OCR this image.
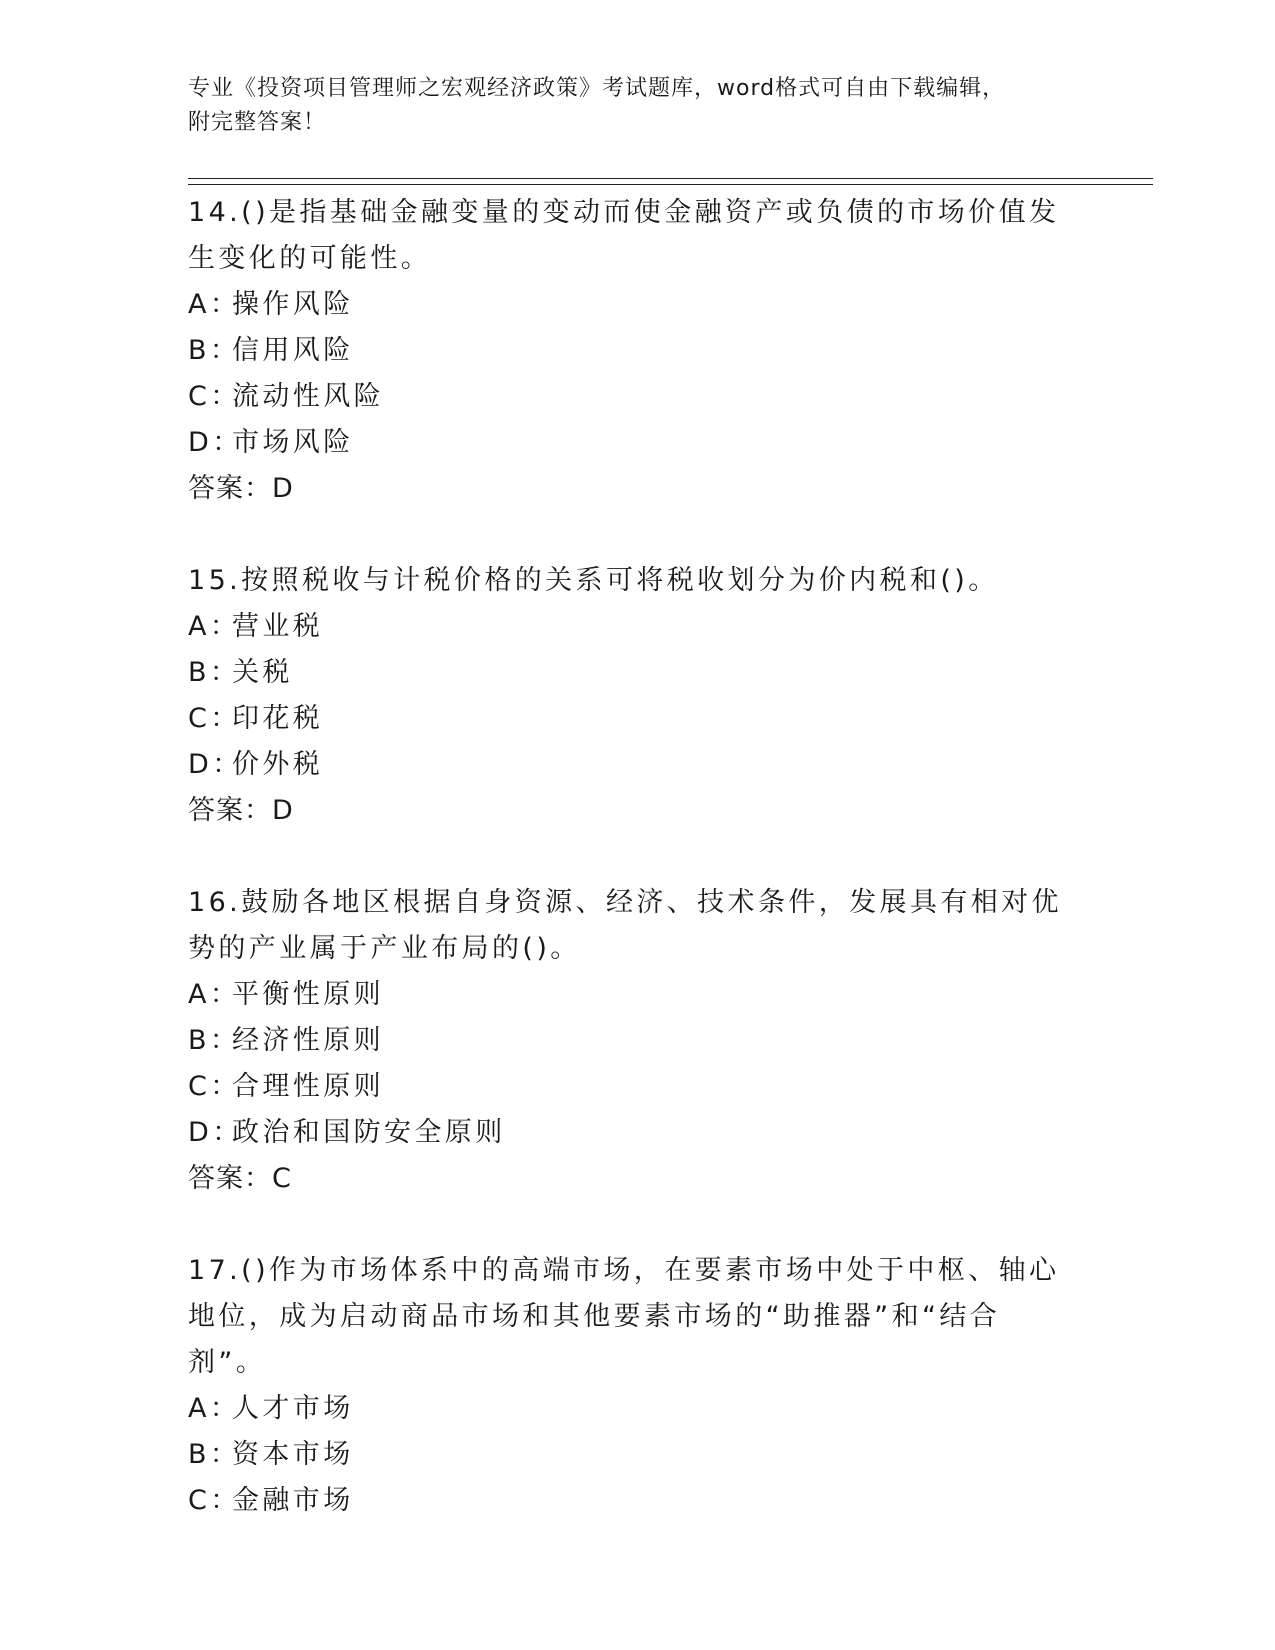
专业《投资项目管理师之宏观经济政策》考试题库，word格式可自由下载编辑，
附完整答案！
14.()是指基础金融变量的变动而使金融资产或负债的市场价值发生变化的可能性。
A：
操作风险
B：
信用风险
C：
流动性风险
D：
市场风险
答案：D
15.按照税收与计税价格的关系可将税收划分为价内税和()。
A：
营业税
B：
关税
C：
印花税
D：
价外税
答案：D
16.鼓励各地区根据自身资源、经济、技术条件，发展具有相对优势的产业属于产业布局的()。
A：
平衡性原则
B：
经济性原则
C：
合理性原则
D：
政治和国防安全原则
答案：C
17.()作为市场体系中的高端市场，在要素市场中处于中枢、轴心地位，成为启动商品市场和其他要素市场的“助推器”和“结合剂”。
A：
人才市场
B：
资本市场
C：
金融市场
